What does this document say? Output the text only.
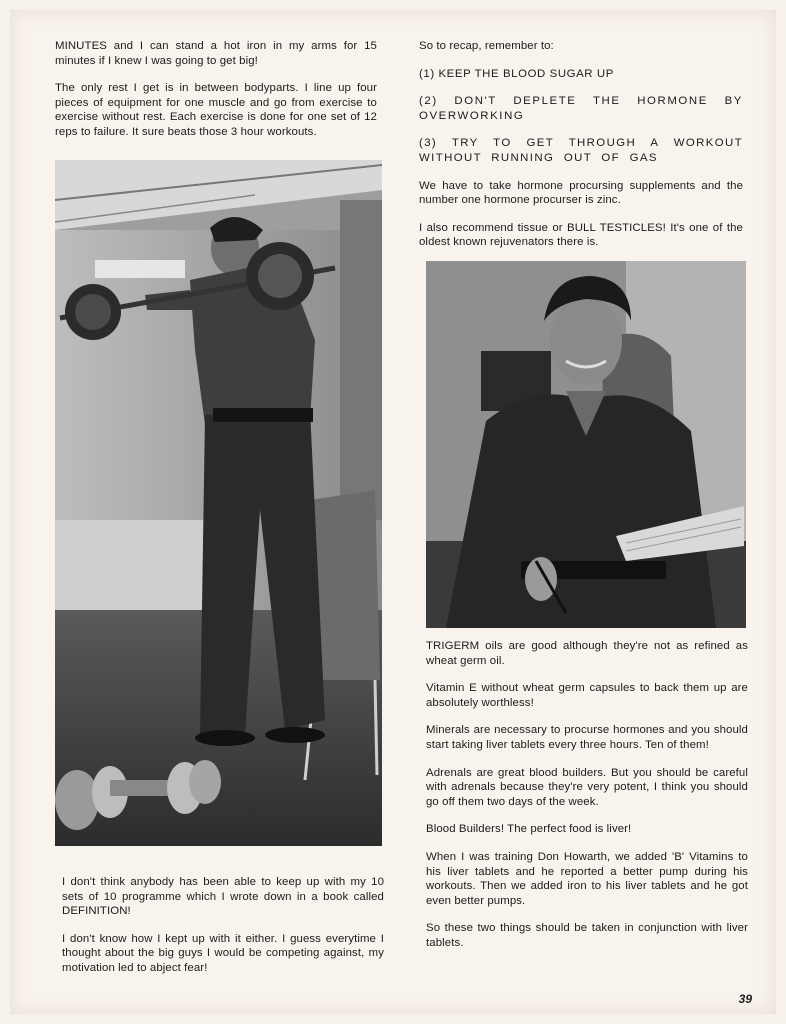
MINUTES and I can stand a hot iron in my arms for 15 minutes if I knew I was going to get big!

The only rest I get is in between bodyparts. I line up four pieces of equipment for one muscle and go from exercise to exercise without rest. Each exercise is done for one set of 12 reps to failure. It sure beats those 3 hour workouts.

I don't think anybody has been able to keep up with my 10 sets of 10 programme which I wrote down in a book called DEFINITION!

I don't know how I kept up with it either. I guess everytime I thought about the big guys I would be competing against, my motivation led to abject fear!

So to recap, remember to:

(1) KEEP THE BLOOD SUGAR UP

(2) DON'T DEPLETE THE HORMONE BY OVERWORKING

(3) TRY TO GET THROUGH A WORKOUT WITHOUT RUNNING OUT OF GAS

We have to take hormone procursing supplements and the number one hormone procurser is zinc.

I also recommend tissue or BULL TESTICLES! It's one of the oldest known rejuvenators there is.

TRIGERM oils are good although they're not as refined as wheat germ oil.

Vitamin E without wheat germ capsules to back them up are absolutely worthless!

Minerals are necessary to procurse hormones and you should start taking liver tablets every three hours. Ten of them!

Adrenals are great blood builders. But you should be careful with adrenals because they're very potent, I think you should go off them two days of the week.

Blood Builders! The perfect food is liver!

When I was training Don Howarth, we added 'B' Vitamins to his liver tablets and he reported a better pump during his workouts. Then we added iron to his liver tablets and he got even better pumps.

So these two things should be taken in conjunction with liver tablets.

39
